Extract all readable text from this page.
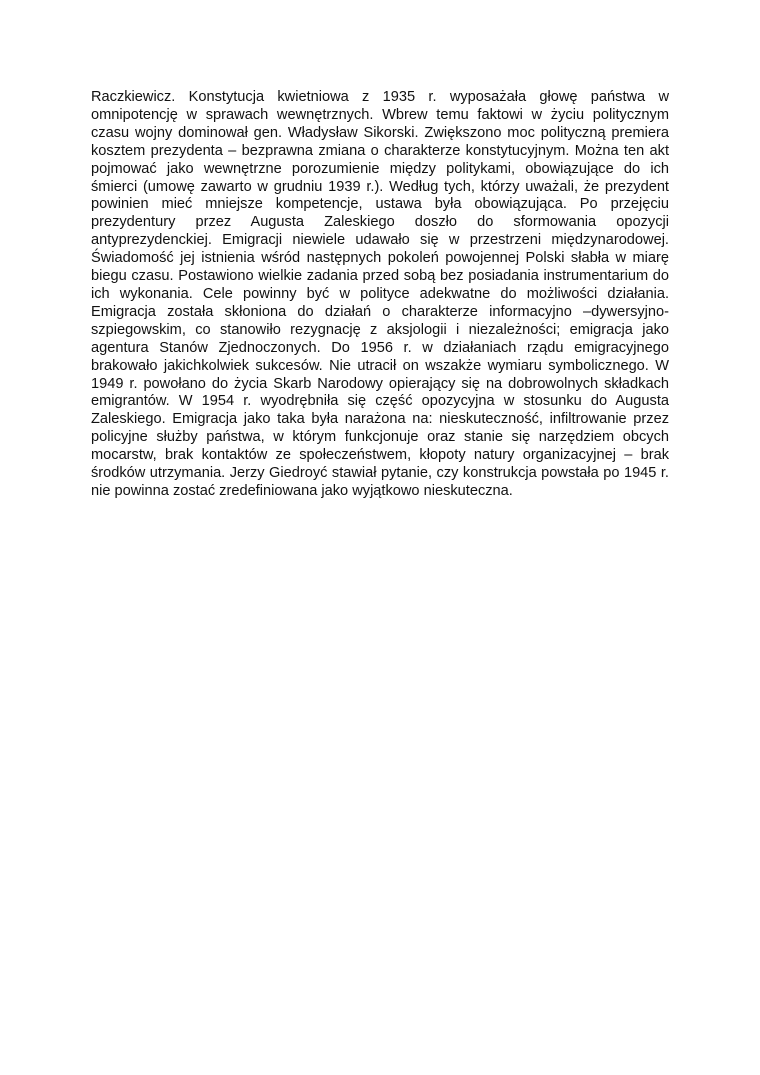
Raczkiewicz. Konstytucja kwietniowa z 1935 r. wyposażała głowę państwa w omnipotencję w sprawach wewnętrznych. Wbrew temu faktowi w życiu politycznym czasu wojny dominował gen. Władysław Sikorski. Zwiększono moc polityczną premiera kosztem prezydenta – bezprawna zmiana o charakterze konstytucyjnym. Można ten akt pojmować jako wewnętrzne porozumienie między politykami, obowiązujące do ich śmierci (umowę zawarto w grudniu 1939 r.). Według tych, którzy uważali, że prezydent powinien mieć mniejsze kompetencje, ustawa była obowiązująca. Po przejęciu prezydentury przez Augusta Zaleskiego doszło do sformowania opozycji antyprezydenckiej. Emigracji niewiele udawało się w przestrzeni międzynarodowej. Świadomość jej istnienia wśród następnych pokoleń powojennej Polski słabła w miarę biegu czasu. Postawiono wielkie zadania przed sobą bez posiadania instrumentarium do ich wykonania. Cele powinny być w polityce adekwatne do możliwości działania. Emigracja została skłoniona do działań o charakterze informacyjno –dywersyjno- szpiegowskim, co stanowiło rezygnację z aksjologii i niezależności; emigracja jako agentura Stanów Zjednoczonych. Do 1956 r. w działaniach rządu emigracyjnego brakowało jakichkolwiek sukcesów. Nie utracił on wszakże wymiaru symbolicznego. W 1949 r. powołano do życia Skarb Narodowy opierający się na dobrowolnych składkach emigrantów. W 1954 r. wyodrębniła się część opozycyjna w stosunku do Augusta Zaleskiego. Emigracja jako taka była narażona na: nieskuteczność, infiltrowanie przez policyjne służby państwa, w którym funkcjonuje oraz stanie się narzędziem obcych mocarstw, brak kontaktów ze społeczeństwem, kłopoty natury organizacyjnej – brak środków utrzymania. Jerzy Giedroyć stawiał pytanie, czy konstrukcja powstała po 1945 r. nie powinna zostać zredefiniowana jako wyjątkowo nieskuteczna.
